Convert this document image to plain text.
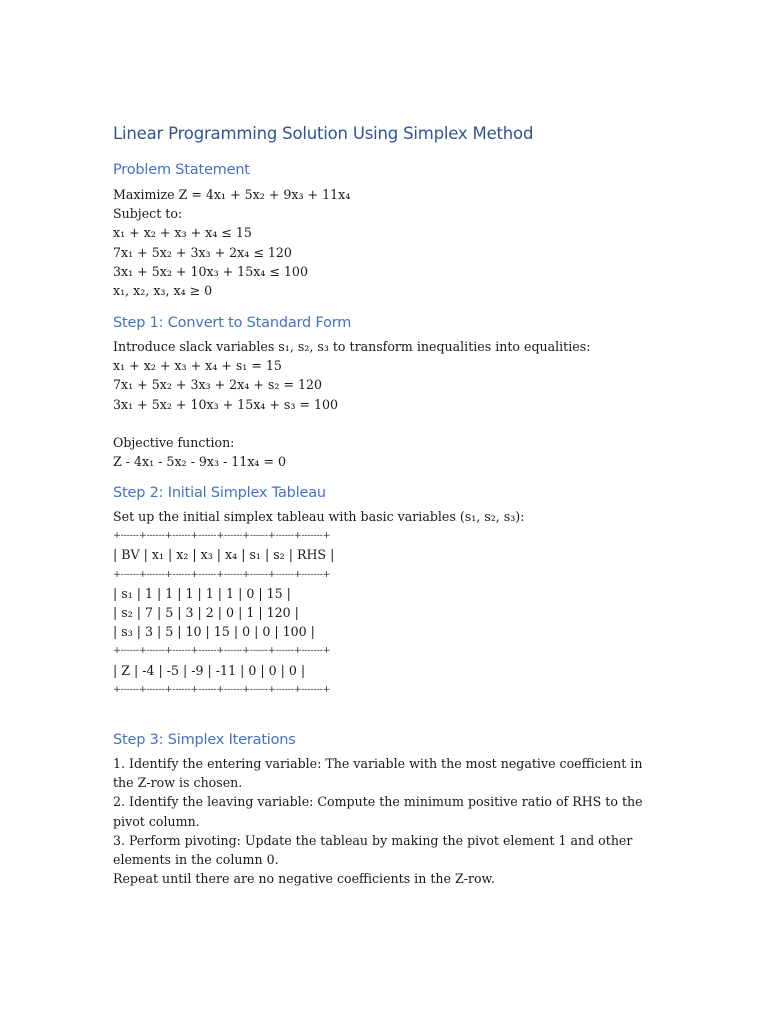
Linear Programming Solution Using Simplex Method
Problem Statement
Maximize Z = 4x₁ + 5x₂ + 9x₃ + 11x₄
Subject to:
x₁ + x₂ + x₃ + x₄ ≤ 15
7x₁ + 5x₂ + 3x₃ + 2x₄ ≤ 120
3x₁ + 5x₂ + 10x₃ + 15x₄ ≤ 100
x₁, x₂, x₃, x₄ ≥ 0
Step 1: Convert to Standard Form
Introduce slack variables s₁, s₂, s₃ to transform inequalities into equalities:
x₁ + x₂ + x₃ + x₄ + s₁ = 15
7x₁ + 5x₂ + 3x₃ + 2x₄ + s₂ = 120
3x₁ + 5x₂ + 10x₃ + 15x₄ + s₃ = 100
Objective function:
Z - 4x₁ - 5x₂ - 9x₃ - 11x₄ = 0
Step 2: Initial Simplex Tableau
Set up the initial simplex tableau with basic variables (s₁, s₂, s₃):
+------+------+------+------+------+------+------+-------+
| BV | x₁ | x₂ | x₃ | x₄ | s₁ | s₂ | RHS |
+------+------+------+------+------+------+------+-------+
| s₁ | 1 | 1 | 1 | 1 | 1 | 0 | 15 |
| s₂ | 7 | 5 | 3 | 2 | 0 | 1 | 120 |
| s₃ | 3 | 5 | 10 | 15 | 0 | 0 | 100 |
+------+------+------+------+------+------+------+-------+
| Z | -4 | -5 | -9 | -11 | 0 | 0 | 0 |
+------+------+------+------+------+------+------+-------+
Step 3: Simplex Iterations
1. Identify the entering variable: The variable with the most negative coefficient in the Z-row is chosen.
2. Identify the leaving variable: Compute the minimum positive ratio of RHS to the pivot column.
3. Perform pivoting: Update the tableau by making the pivot element 1 and other elements in the column 0.
Repeat until there are no negative coefficients in the Z-row.
